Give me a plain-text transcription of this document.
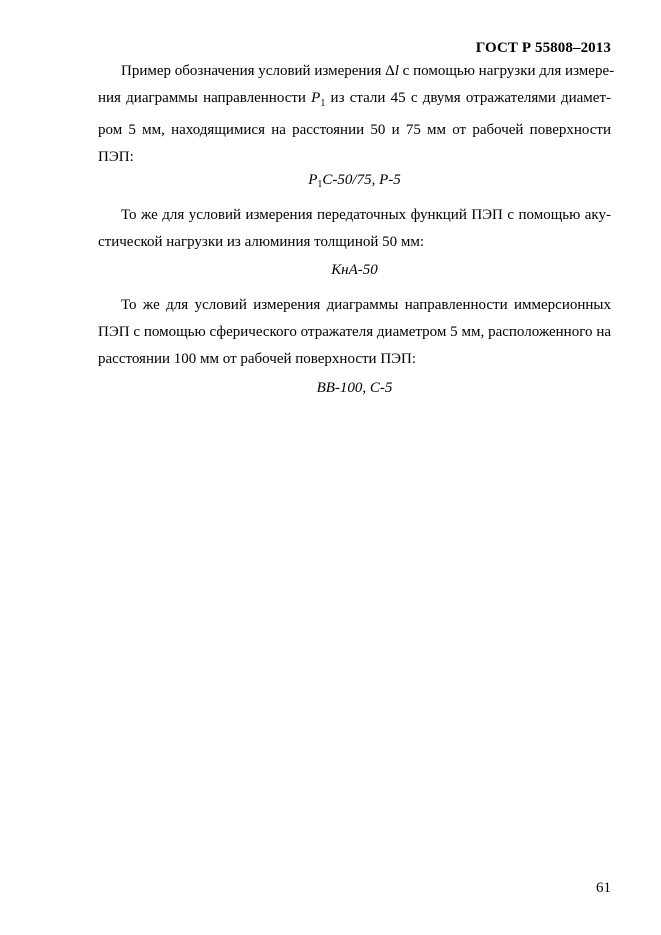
ГОСТ Р 55808–2013
Пример обозначения условий измерения Δl с помощью нагрузки для измере-
ния диаграммы направленности $P_1$ из стали 45 с двумя отражателями диамет-
ром 5 мм, находящимися на расстоянии 50 и 75 мм от рабочей поверхности
ПЭП:
$P_1C-50/75$, P-5
То же для условий измерения передаточных функций ПЭП с помощью аку-
стической нагрузки из алюминия толщиной 50 мм:
КнА-50
То же для условий измерения диаграммы направленности иммерсионных
ПЭП с помощью сферического отражателя диаметром 5 мм, расположенного на
расстоянии 100 мм от рабочей поверхности ПЭП:
BB-100, C-5
61
